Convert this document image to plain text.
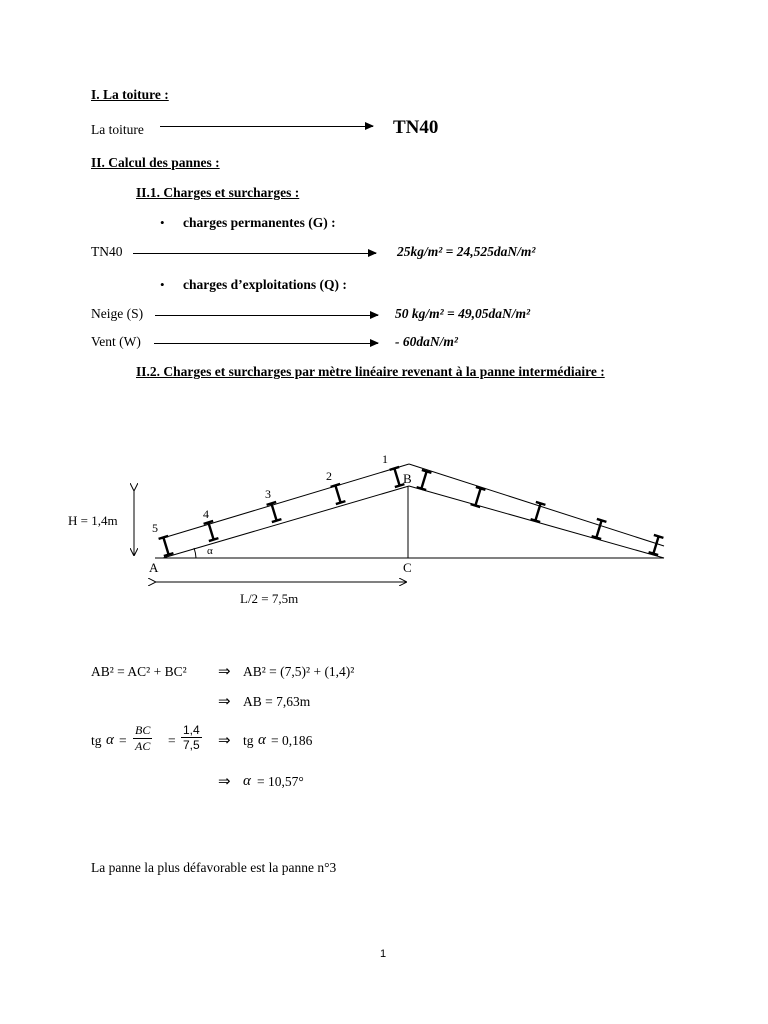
I. La toiture :
La toiture	TN40
II. Calcul des pannes :
II.1. Charges et surcharges :
• charges permanentes (G) :
TN40	25kg/m² = 24,525daN/m²
• charges d’exploitations (Q) :
Neige (S)	50 kg/m² = 49,05daN/m²
Vent (W)	- 60daN/m²
II.2. Charges et surcharges par mètre linéaire revenant à la panne intermédiaire :
H = 1,4m
L/2 = 7,5m
A
B
C
α
1
2
3
4
5
AB² = AC² + BC² ⇒ AB² = (7,5)² + (1,4)²
⇒ AB = 7,63m
tg $\alpha = \frac{BC}{AC} = \frac{1,4}{7,5}$ ⇒ tg α = 0,186
⇒ α = 10,57°
La panne la plus défavorable est la panne n°3
1
